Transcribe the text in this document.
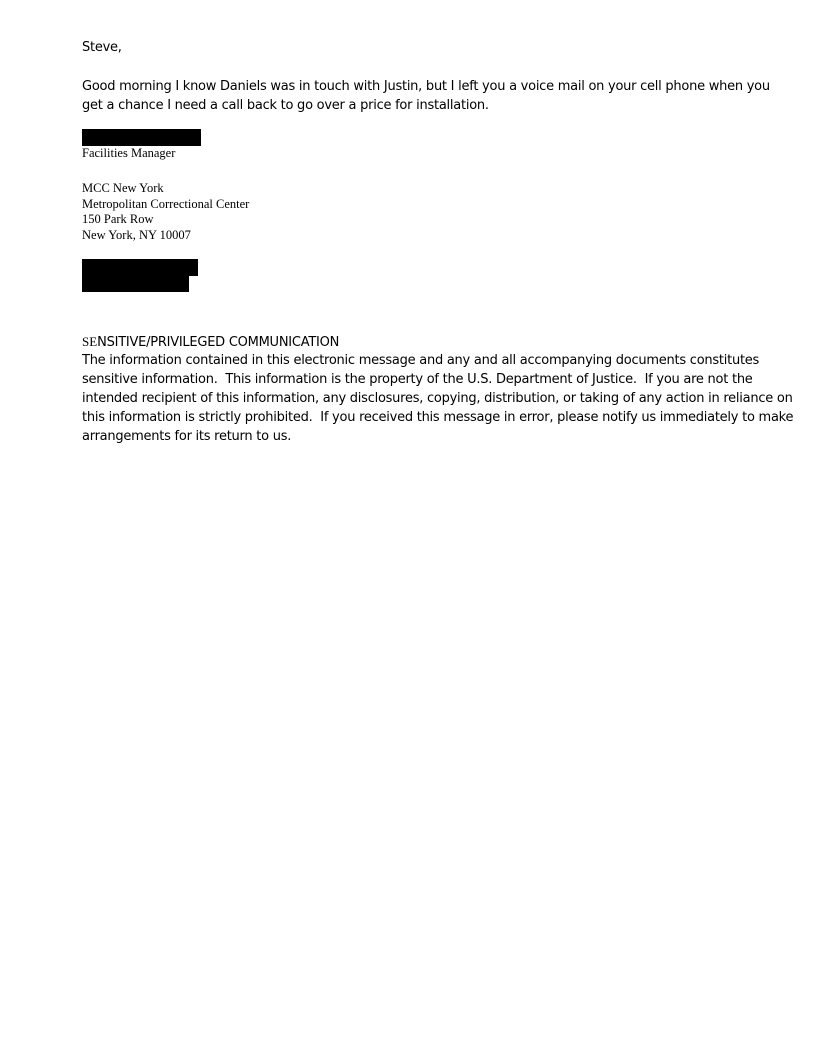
Steve,

Good morning I know Daniels was in touch with Justin, but I left you a voice mail on your cell phone when you
get a chance I need a call back to go over a price for installation.

Facilities Manager

MCC New York
Metropolitan Correctional Center
150 Park Row
New York, NY 10007

SENSITIVE/PRIVILEGED COMMUNICATION

The information contained in this electronic message and any and all accompanying documents constitutes
sensitive information.  This information is the property of the U.S. Department of Justice.  If you are not the
intended recipient of this information, any disclosures, copying, distribution, or taking of any action in reliance on
this information is strictly prohibited.  If you received this message in error, please notify us immediately to make
arrangements for its return to us.
